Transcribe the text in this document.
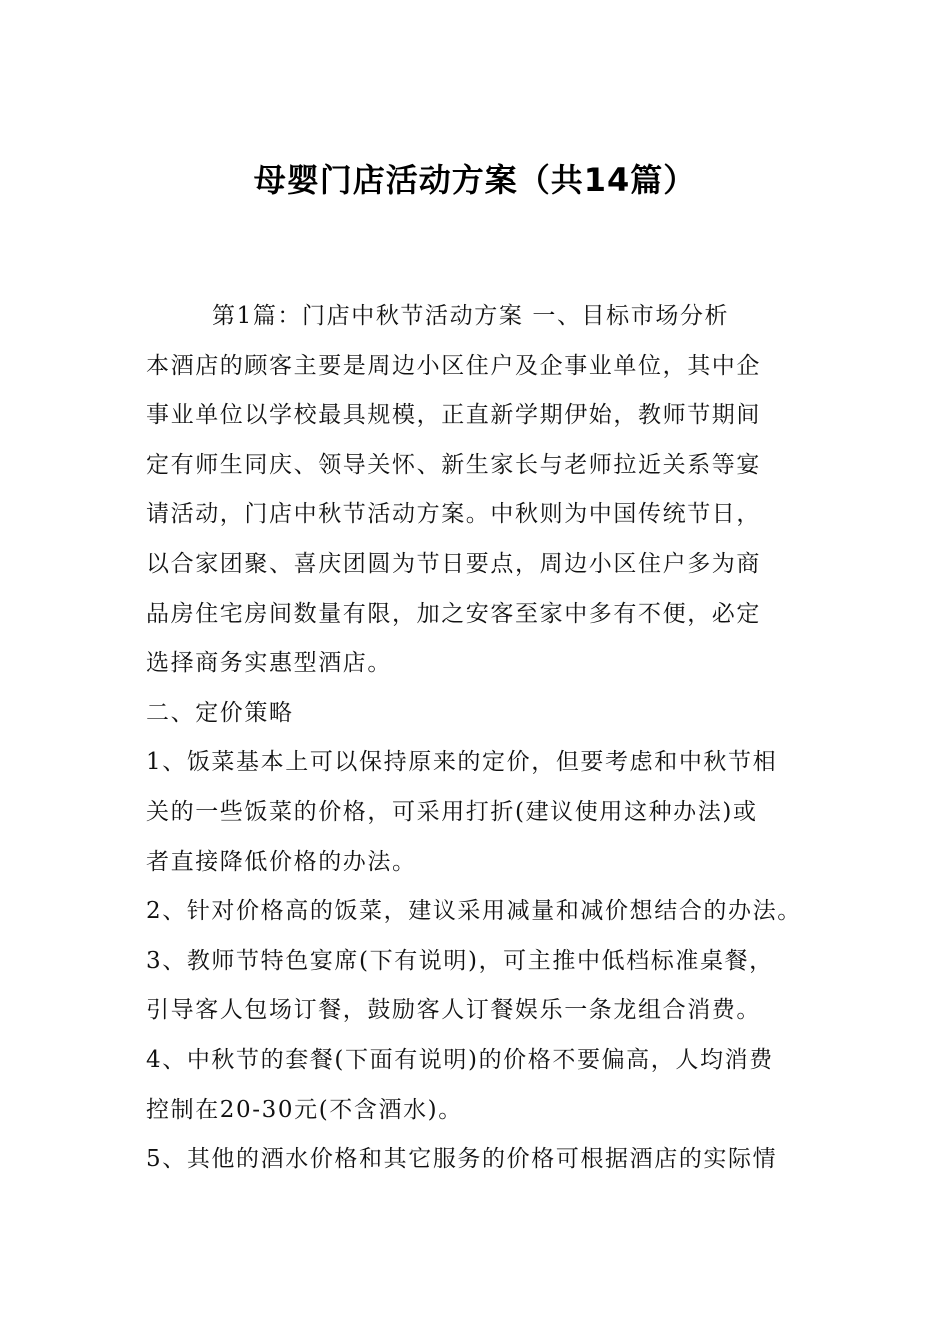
母婴门店活动方案（共14篇）

第1篇：门店中秋节活动方案 一、目标市场分析

本酒店的顾客主要是周边小区住户及企事业单位，其中企

事业单位以学校最具规模，正直新学期伊始，教师节期间

定有师生同庆、领导关怀、新生家长与老师拉近关系等宴

请活动，门店中秋节活动方案。中秋则为中国传统节日，

以合家团聚、喜庆团圆为节日要点，周边小区住户多为商

品房住宅房间数量有限，加之安客至家中多有不便，必定

选择商务实惠型酒店。

二、定价策略

1、饭菜基本上可以保持原来的定价，但要考虑和中秋节相

关的一些饭菜的价格，可采用打折(建议使用这种办法)或

者直接降低价格的办法。

2、针对价格高的饭菜，建议采用减量和减价想结合的办法。

3、教师节特色宴席(下有说明)，可主推中低档标准桌餐，

引导客人包场订餐，鼓励客人订餐娱乐一条龙组合消费。

4、中秋节的套餐(下面有说明)的价格不要偏高，人均消费

控制在20-30元(不含酒水)。

5、其他的酒水价格和其它服务的价格可根据酒店的实际情
